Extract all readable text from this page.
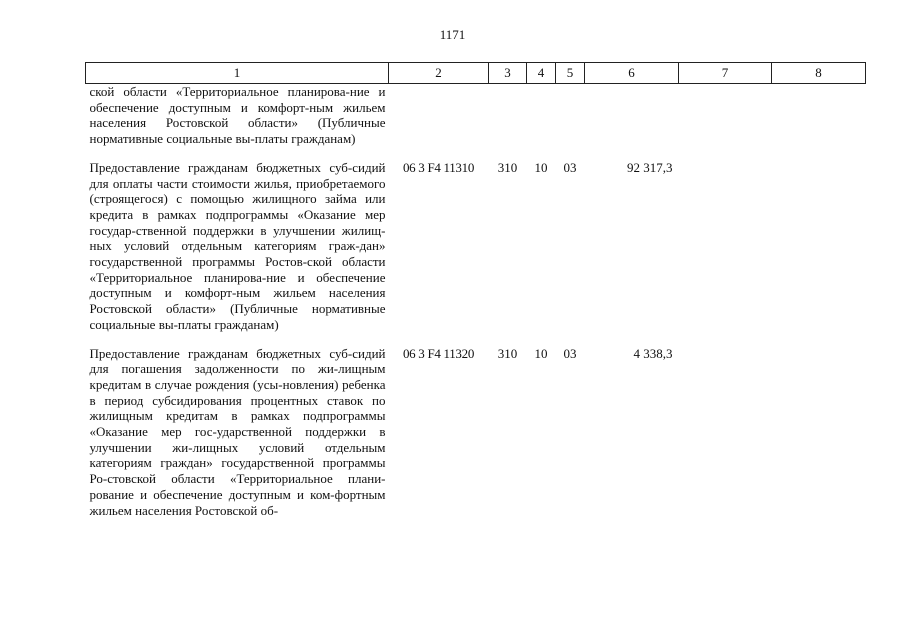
1171
1	2	3	4	5	6	7	8
ской области «Территориальное планирова-ние и обеспечение доступным и комфорт-ным жильем населения Ростовской области» (Публичные нормативные социальные вы-платы гражданам)							
Предоставление гражданам бюджетных суб-сидий для оплаты части стоимости жилья, приобретаемого (строящегося) с помощью жилищного займа или кредита в рамках подпрограммы «Оказание мер государ-ственной поддержки в улучшении жилищ-ных условий отдельным категориям граж-дан» государственной программы Ростов-ской области «Территориальное планирова-ние и обеспечение доступным и комфорт-ным жильем населения Ростовской области» (Публичные нормативные социальные вы-платы гражданам)	06 3 F4 11310	310	10	03	92 317,3		
Предоставление гражданам бюджетных суб-сидий для погашения задолженности по жи-лищным кредитам в случае рождения (усы-новления) ребенка в период субсидирования процентных ставок по жилищным кредитам в рамках подпрограммы «Оказание мер гос-ударственной поддержки в улучшении жи-лищных условий отдельным категориям граждан» государственной программы Ро-стовской области «Территориальное плани-рование и обеспечение доступным и ком-фортным жильем населения Ростовской об-	06 3 F4 11320	310	10	03	4 338,3		
